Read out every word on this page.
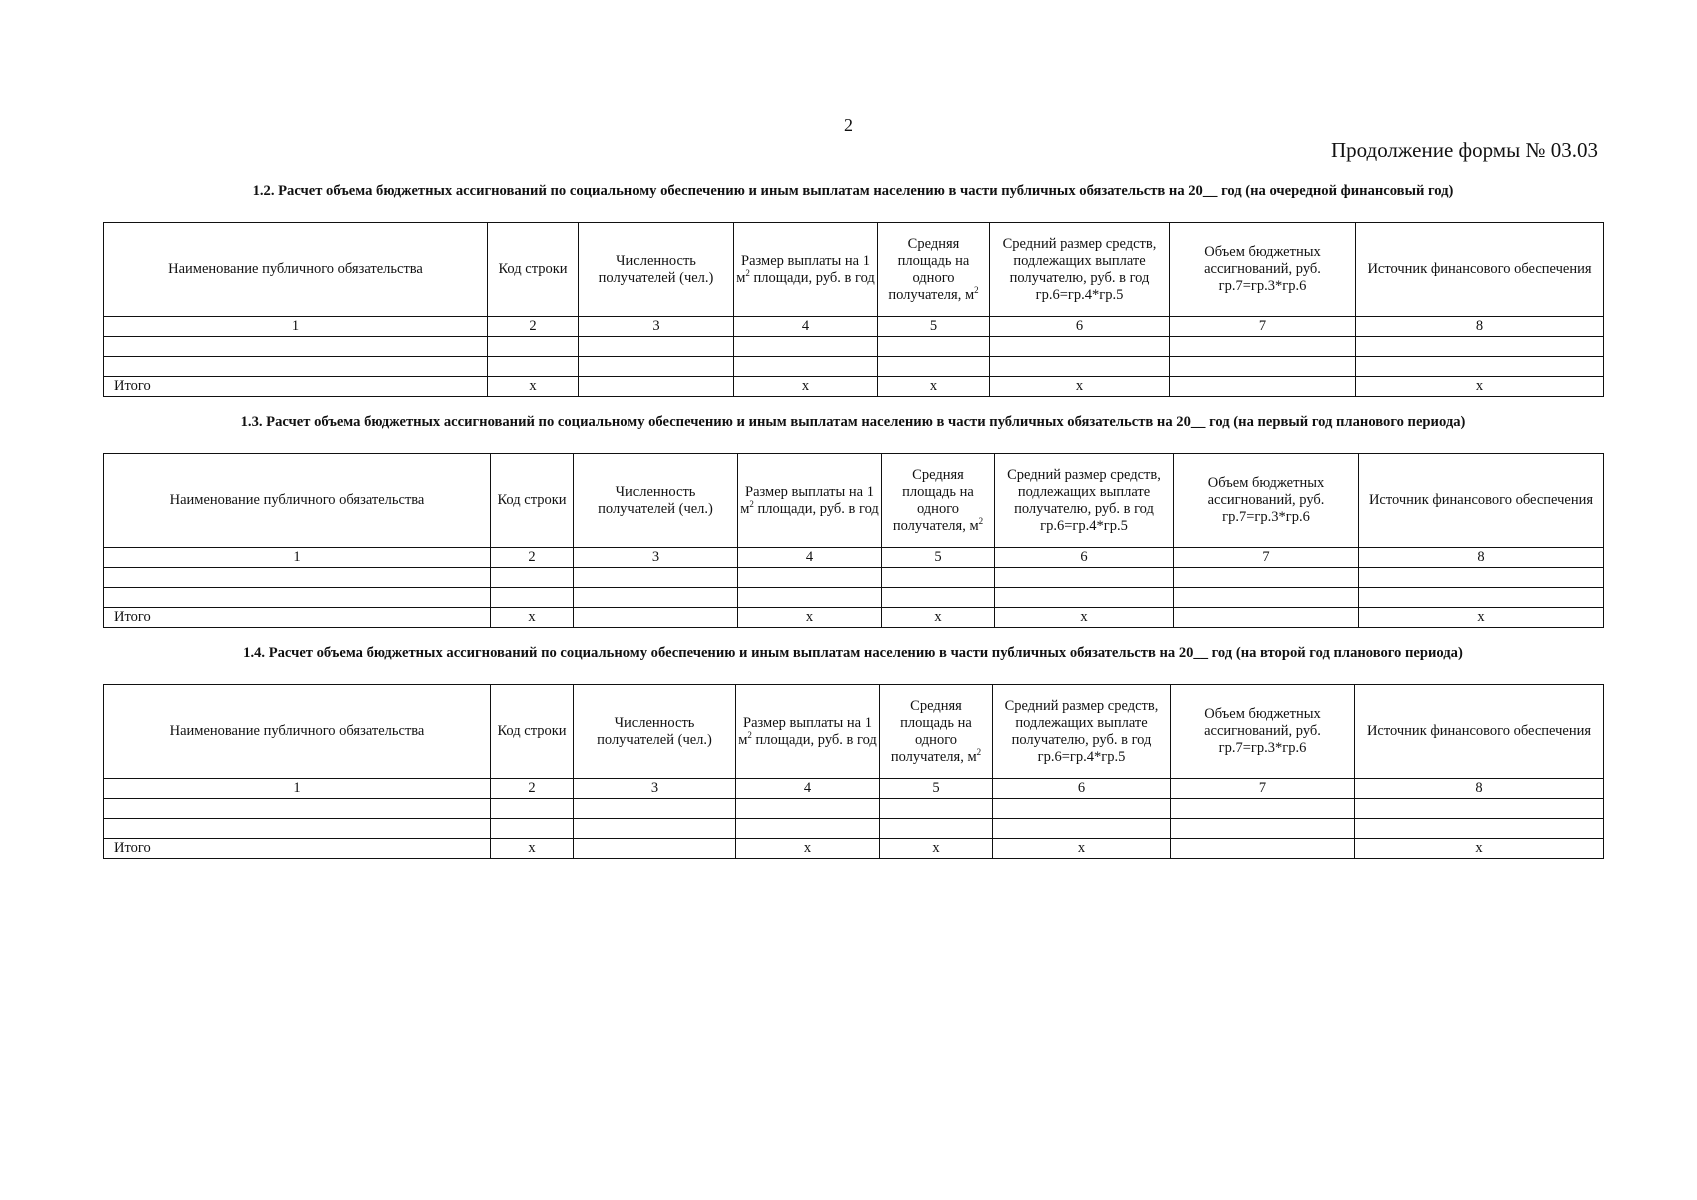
2
Продолжение формы № 03.03
1.2. Расчет объема бюджетных ассигнований по социальному обеспечению и иным выплатам населению в части публичных обязательств на 20__ год (на очередной финансовый год)
Наименование публичного обязательства	Код строки	Численность получателей (чел.)	Размер выплаты на 1 $м^2$ площади, руб. в год	Средняя площадь на одного получателя, $м^2$	Средний размер средств, подлежащих выплате получателю, руб. в год гр.6=гр.4*гр.5	Объем бюджетных ассигнований, руб. гр.7=гр.3*гр.6	Источник финансового обеспечения
1	2	3	4	5	6	7	8

Итого	x		x	x	x		x
1.3. Расчет объема бюджетных ассигнований по социальному обеспечению и иным выплатам населению в части публичных обязательств на 20__ год (на первый год планового периода)
Наименование публичного обязательства	Код строки	Численность получателей (чел.)	Размер выплаты на 1 $м^2$ площади, руб. в год	Средняя площадь на одного получателя, $м^2$	Средний размер средств, подлежащих выплате получателю, руб. в год гр.6=гр.4*гр.5	Объем бюджетных ассигнований, руб. гр.7=гр.3*гр.6	Источник финансового обеспечения
1	2	3	4	5	6	7	8

Итого	x		x	x	x		x
1.4. Расчет объема бюджетных ассигнований по социальному обеспечению и иным выплатам населению в части публичных обязательств на 20__ год (на второй год планового периода)
Наименование публичного обязательства	Код строки	Численность получателей (чел.)	Размер выплаты на 1 $м^2$ площади, руб. в год	Средняя площадь на одного получателя, $м^2$	Средний размер средств, подлежащих выплате получателю, руб. в год гр.6=гр.4*гр.5	Объем бюджетных ассигнований, руб. гр.7=гр.3*гр.6	Источник финансового обеспечения
1	2	3	4	5	6	7	8

Итого	x		x	x	x		x
